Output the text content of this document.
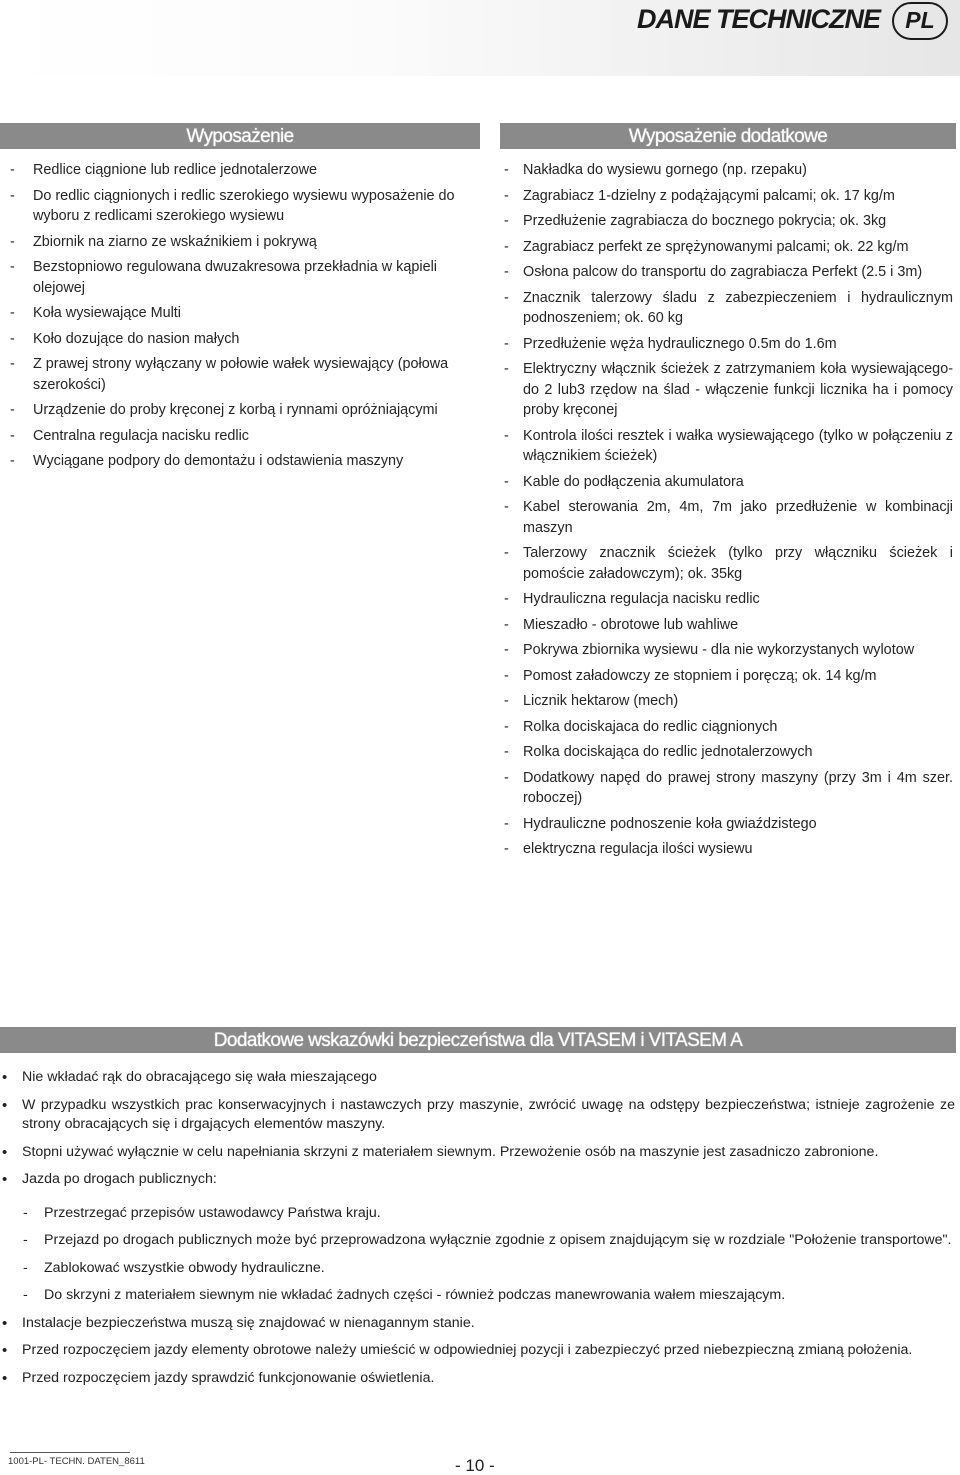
DANE TECHNICZNE	PL
Wyposażenie
- Redlice ciągnione lub redlice jednotalerzowe
- Do redlic ciągnionych i redlic szerokiego wysiewu wyposażenie do wyboru z redlicami szerokiego wysiewu
- Zbiornik na ziarno ze wskaźnikiem i pokrywą
- Bezstopniowo regulowana dwuzakresowa przekładnia w kąpieli olejowej
- Koła wysiewające Multi
- Koło dozujące do nasion małych
- Z prawej strony wyłączany w połowie wałek wysiewający (połowa szerokości)
- Urządzenie do proby kręconej z korbą i rynnami opróżniającymi
- Centralna regulacja nacisku redlic
- Wyciągane podpory do demontażu i odstawienia maszyny
Wyposażenie dodatkowe
- Nakładka do wysiewu gornego (np. rzepaku)
- Zagrabiacz 1-dzielny z podążającymi palcami; ok. 17 kg/m
- Przedłużenie zagrabiacza do bocznego pokrycia; ok. 3kg
- Zagrabiacz perfekt ze sprężynowanymi palcami; ok. 22 kg/m
- Osłona palcow do transportu do zagrabiacza Perfekt (2.5 i 3m)
- Znacznik talerzowy śladu z zabezpieczeniem i hydraulicznym podnoszeniem; ok. 60 kg
- Przedłużenie węża hydraulicznego 0.5m do 1.6m
- Elektryczny włącznik ścieżek z zatrzymaniem koła wysiewającego- do 2 lub3 rzędow na ślad - włączenie funkcji licznika ha i pomocy proby kręconej
- Kontrola ilości resztek i wałka wysiewającego (tylko w połączeniu z włącznikiem ścieżek)
- Kable do podłączenia akumulatora
- Kabel sterowania 2m, 4m, 7m jako przedłużenie w kombinacji maszyn
- Talerzowy znacznik ścieżek (tylko przy włączniku ścieżek i pomoście załadowczym); ok. 35kg
- Hydrauliczna regulacja nacisku redlic
- Mieszadło - obrotowe lub wahliwe
- Pokrywa zbiornika wysiewu - dla nie wykorzystanych wylotow
- Pomost załadowczy ze stopniem i poręczą; ok. 14 kg/m
- Licznik hektarow (mech)
- Rolka dociskajaca do redlic ciągnionych
- Rolka dociskająca do redlic jednotalerzowych
- Dodatkowy napęd do prawej strony maszyny (przy 3m i 4m szer. roboczej)
- Hydrauliczne podnoszenie koła gwiaździstego
- elektryczna regulacja ilości wysiewu
Dodatkowe wskazówki bezpieczeństwa dla VITASEM i VITASEM A
• Nie wkładać rąk do obracającego się wała mieszającego
• W przypadku wszystkich prac konserwacyjnych i nastawczych przy maszynie, zwrócić uwagę na odstępy bezpieczeństwa; istnieje zagrożenie ze strony obracających się i drgających elementów maszyny.
• Stopni używać wyłącznie w celu napełniania skrzyni z materiałem siewnym. Przewożenie osób na maszynie jest zasadniczo zabronione.
• Jazda po drogach publicznych:
- Przestrzegać przepisów ustawodawcy Państwa kraju.
- Przejazd po drogach publicznych może być przeprowadzona wyłącznie zgodnie z opisem znajdującym się w rozdziale "Położenie transportowe".
- Zablokować wszystkie obwody hydrauliczne.
- Do skrzyni z materiałem siewnym nie wkładać żadnych części - również podczas manewrowania wałem mieszającym.
• Instalacje bezpieczeństwa muszą się znajdować w nienagannym stanie.
• Przed rozpoczęciem jazdy elementy obrotowe należy umieścić w odpowiedniej pozycji i zabezpieczyć przed niebezpieczną zmianą położenia.
• Przed rozpoczęciem jazdy sprawdzić funkcjonowanie oświetlenia.
1001-PL- TECHN. DATEN_8611	- 10 -
